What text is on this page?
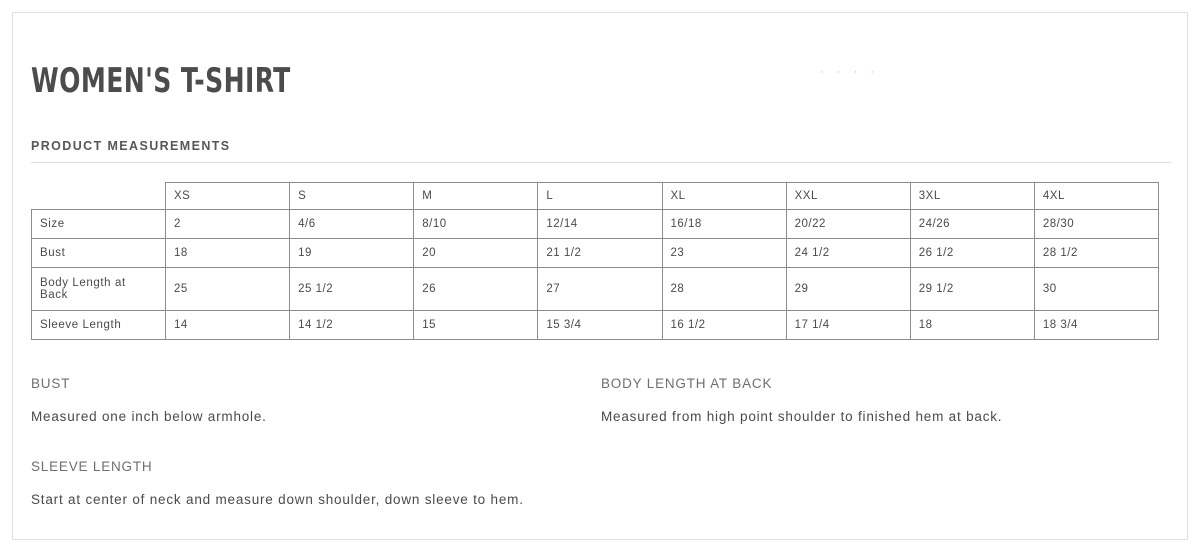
· · · ·
WOMEN'S T-SHIRT
PRODUCT MEASUREMENTS
	XS	S	M	L	XL	XXL	3XL	4XL
Size	2	4/6	8/10	12/14	16/18	20/22	24/26	28/30
Bust	18	19	20	21 1/2	23	24 1/2	26 1/2	28 1/2
Body Length at Back	25	25 1/2	26	27	28	29	29 1/2	30
Sleeve Length	14	14 1/2	15	15 3/4	16 1/2	17 1/4	18	18 3/4
BUST
Measured one inch below armhole.
BODY LENGTH AT BACK
Measured from high point shoulder to finished hem at back.
SLEEVE LENGTH
Start at center of neck and measure down shoulder, down sleeve to hem.
